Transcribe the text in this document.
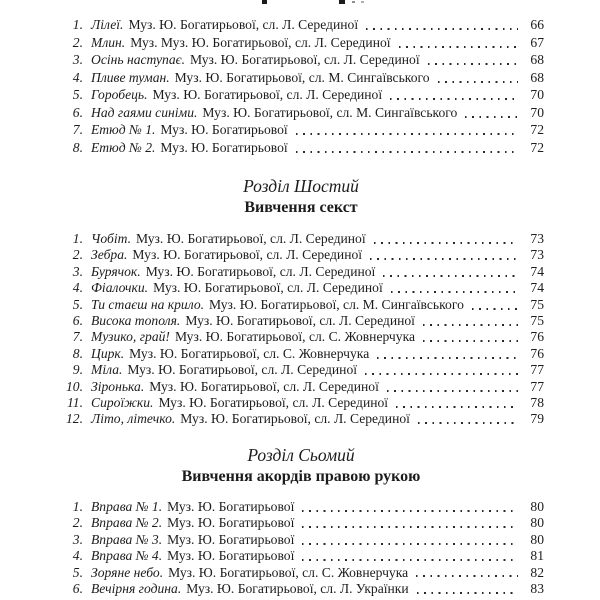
1. Лілеї. Муз. Ю. Богатирьової, сл. Л. Серединої	66
2. Млин. Муз. Муз. Ю. Богатирьової, сл. Л. Серединої	67
3. Осінь наступає. Муз. Ю. Богатирьової, сл. Л. Серединої	68
4. Пливе туман. Муз. Ю. Богатирьової, сл. М. Сингаївського	68
5. Горобець. Муз. Ю. Богатирьової, сл. Л. Серединої	70
6. Над гаями синіми. Муз. Ю. Богатирьової, сл. М. Сингаївського	70
7. Етюд № 1. Муз. Ю. Богатирьової	72
8. Етюд № 2. Муз. Ю. Богатирьової	72
Розділ Шостий
Вивчення секст
1. Чобіт. Муз. Ю. Богатирьової, сл. Л. Серединої	73
2. Зебра. Муз. Ю. Богатирьової, сл. Л. Серединої	73
3. Бурячок. Муз. Ю. Богатирьової, сл. Л. Серединої	74
4. Фіалочки. Муз. Ю. Богатирьової, сл. Л. Серединої	74
5. Ти стаєш на крило. Муз. Ю. Богатирьової, сл. М. Сингаївського	75
6. Висока тополя. Муз. Ю. Богатирьової, сл. Л. Серединої	75
7. Музико, грай! Муз. Ю. Богатирьової, сл. С. Жовнерчука	76
8. Цирк. Муз. Ю. Богатирьової, сл. С. Жовнерчука	76
9. Міла. Муз. Ю. Богатирьової, сл. Л. Серединої	77
10. Зіронька. Муз. Ю. Богатирьової, сл. Л. Серединої	77
11. Сироїжки. Муз. Ю. Богатирьової, сл. Л. Серединої	78
12. Літо, літечко. Муз. Ю. Богатирьової, сл. Л. Серединої	79
Розділ Сьомий
Вивчення акордів правою рукою
1. Вправа № 1. Муз. Ю. Богатирьової	80
2. Вправа № 2. Муз. Ю. Богатирьової	80
3. Вправа № 3. Муз. Ю. Богатирьової	80
4. Вправа № 4. Муз. Ю. Богатирьової	81
5. Зоряне небо. Муз. Ю. Богатирьової, сл. С. Жовнерчука	82
6. Вечірня година. Муз. Ю. Богатирьової, сл. Л. Українки	83
